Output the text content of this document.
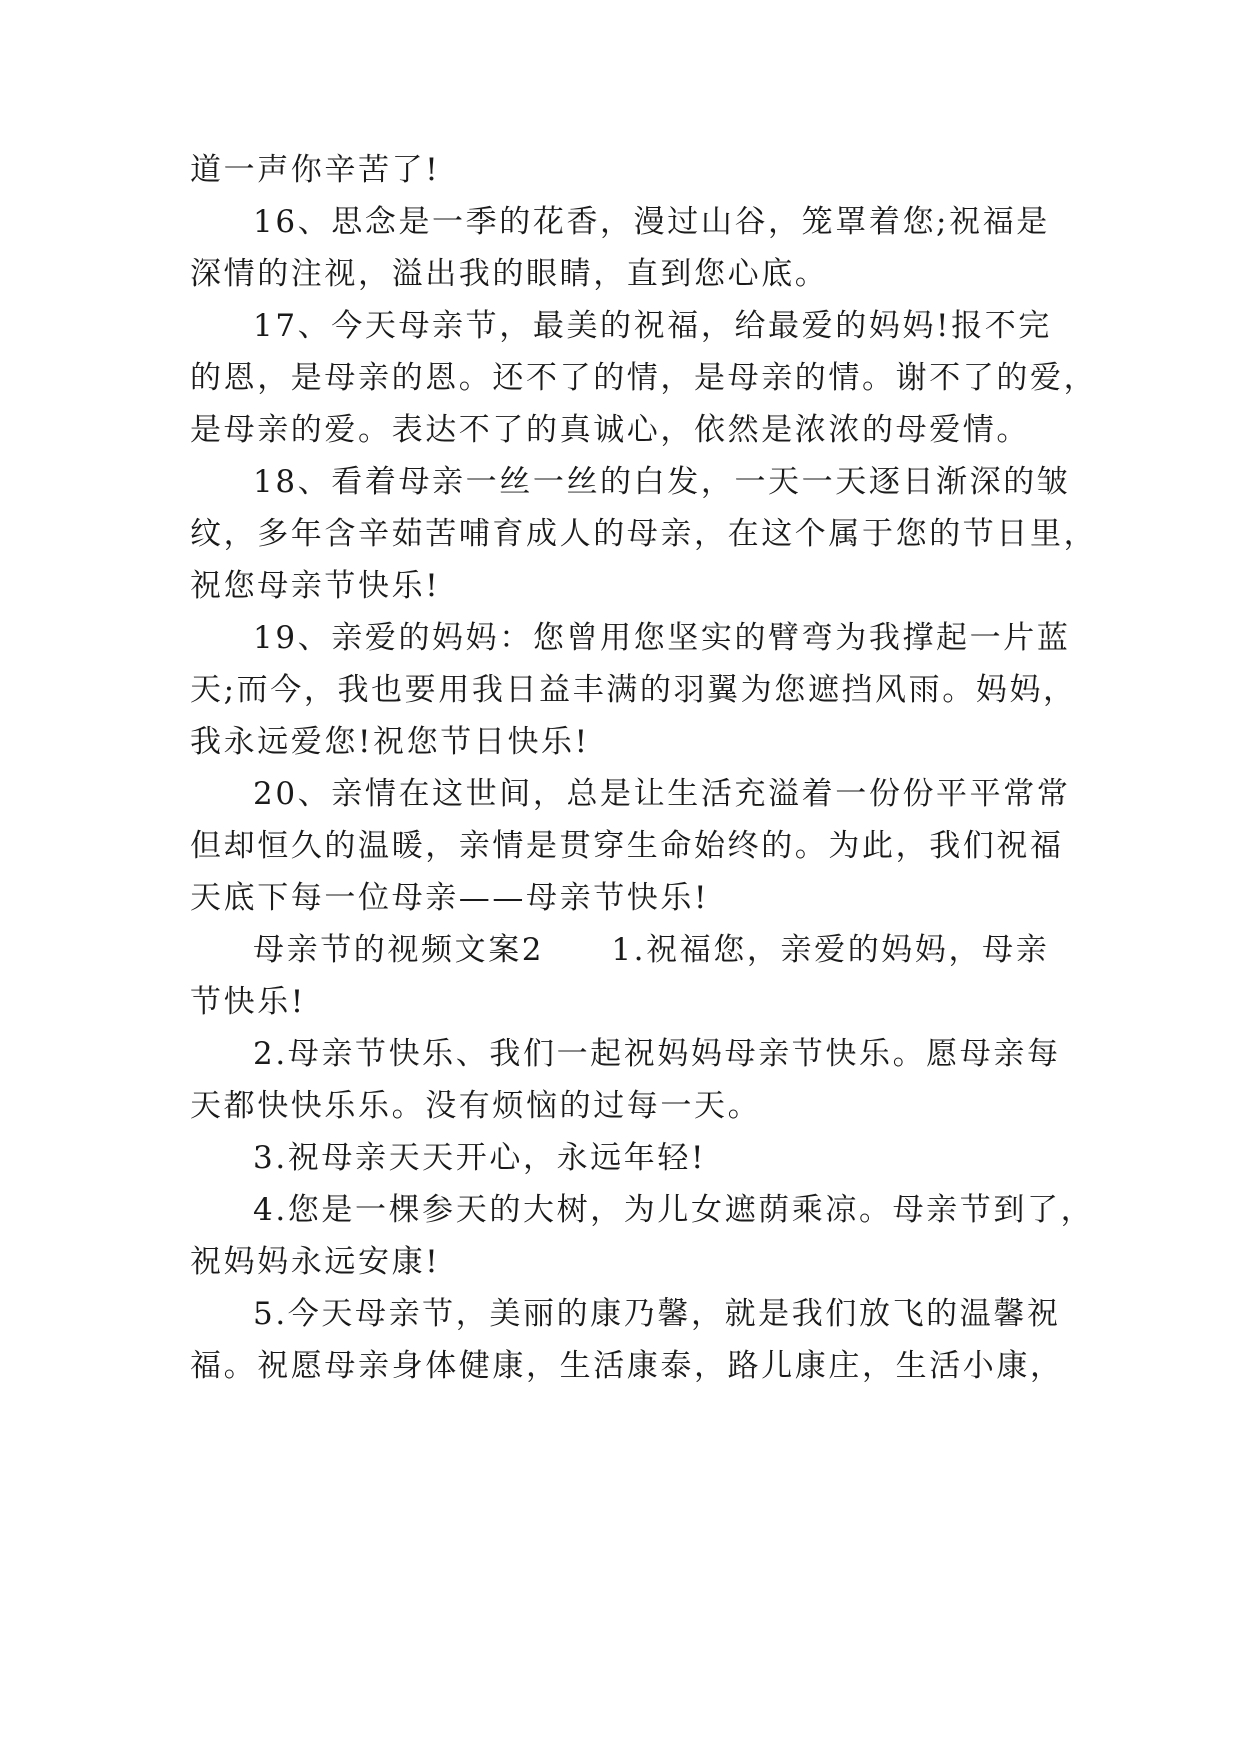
道一声你辛苦了!
16、思念是一季的花香，漫过山谷，笼罩着您;祝福是
深情的注视，溢出我的眼睛，直到您心底。
17、今天母亲节，最美的祝福，给最爱的妈妈!报不完
的恩，是母亲的恩。还不了的情，是母亲的情。谢不了的爱，
是母亲的爱。表达不了的真诚心，依然是浓浓的母爱情。
18、看着母亲一丝一丝的白发，一天一天逐日渐深的皱
纹，多年含辛茹苦哺育成人的母亲，在这个属于您的节日里，
祝您母亲节快乐!
19、亲爱的妈妈：您曾用您坚实的臂弯为我撑起一片蓝
天;而今，我也要用我日益丰满的羽翼为您遮挡风雨。妈妈，
我永远爱您!祝您节日快乐!
20、亲情在这世间，总是让生活充溢着一份份平平常常
但却恒久的温暖，亲情是贯穿生命始终的。为此，我们祝福
天底下每一位母亲——母亲节快乐!
母亲节的视频文案2　　1.祝福您，亲爱的妈妈，母亲
节快乐!
2.母亲节快乐、我们一起祝妈妈母亲节快乐。愿母亲每
天都快快乐乐。没有烦恼的过每一天。
3.祝母亲天天开心，永远年轻!
4.您是一棵参天的大树，为儿女遮荫乘凉。母亲节到了，
祝妈妈永远安康!
5.今天母亲节，美丽的康乃馨，就是我们放飞的温馨祝
福。祝愿母亲身体健康，生活康泰，路儿康庄，生活小康，
